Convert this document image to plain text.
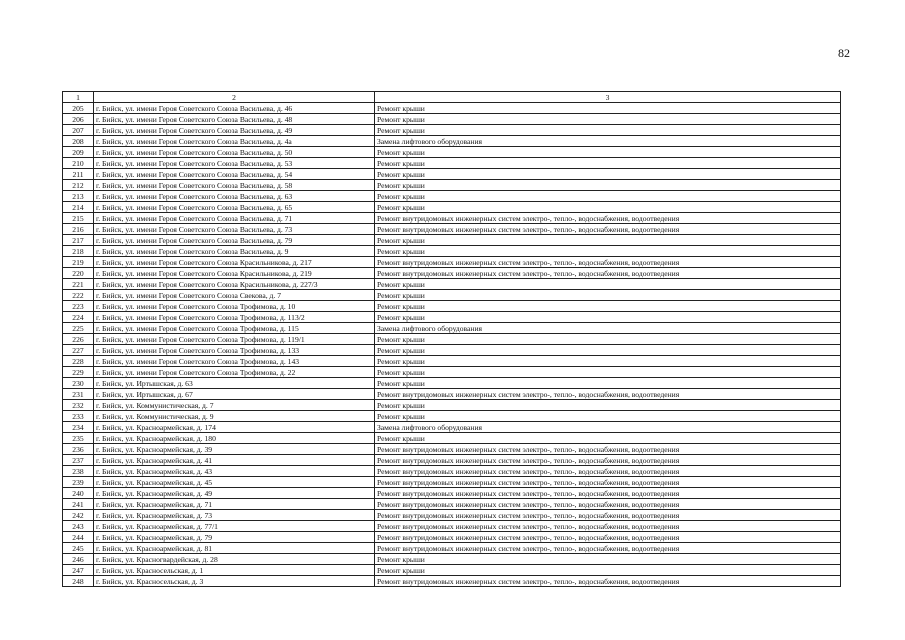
82
1	2	3
205	г. Бийск, ул. имени Героя Советского Союза Васильева, д. 46	Ремонт крыши
206	г. Бийск, ул. имени Героя Советского Союза Васильева, д. 48	Ремонт крыши
207	г. Бийск, ул. имени Героя Советского Союза Васильева, д. 49	Ремонт крыши
208	г. Бийск, ул. имени Героя Советского Союза Васильева, д. 4а	Замена лифтового оборудования
209	г. Бийск, ул. имени Героя Советского Союза Васильева, д. 50	Ремонт крыши
210	г. Бийск, ул. имени Героя Советского Союза Васильева, д. 53	Ремонт крыши
211	г. Бийск, ул. имени Героя Советского Союза Васильева, д. 54	Ремонт крыши
212	г. Бийск, ул. имени Героя Советского Союза Васильева, д. 58	Ремонт крыши
213	г. Бийск, ул. имени Героя Советского Союза Васильева, д. 63	Ремонт крыши
214	г. Бийск, ул. имени Героя Советского Союза Васильева, д. 65	Ремонт крыши
215	г. Бийск, ул. имени Героя Советского Союза Васильева, д. 71	Ремонт внутридомовых инженерных систем электро-, тепло-, водоснабжения, водоотведения
216	г. Бийск, ул. имени Героя Советского Союза Васильева, д. 73	Ремонт внутридомовых инженерных систем электро-, тепло-, водоснабжения, водоотведения
217	г. Бийск, ул. имени Героя Советского Союза Васильева, д. 79	Ремонт крыши
218	г. Бийск, ул. имени Героя Советского Союза Васильева, д. 9	Ремонт крыши
219	г. Бийск, ул. имени Героя Советского Союза Красильникова, д. 217	Ремонт внутридомовых инженерных систем электро-, тепло-, водоснабжения, водоотведения
220	г. Бийск, ул. имени Героя Советского Союза Красильникова, д. 219	Ремонт внутридомовых инженерных систем электро-, тепло-, водоснабжения, водоотведения
221	г. Бийск, ул. имени Героя Советского Союза Красильникова, д. 227/3	Ремонт крыши
222	г. Бийск, ул. имени Героя Советского Союза Свекова, д. 7	Ремонт крыши
223	г. Бийск, ул. имени Героя Советского Союза Трофимова, д. 10	Ремонт крыши
224	г. Бийск, ул. имени Героя Советского Союза Трофимова, д. 113/2	Ремонт крыши
225	г. Бийск, ул. имени Героя Советского Союза Трофимова, д. 115	Замена лифтового оборудования
226	г. Бийск, ул. имени Героя Советского Союза Трофимова, д. 119/1	Ремонт крыши
227	г. Бийск, ул. имени Героя Советского Союза Трофимова, д. 133	Ремонт крыши
228	г. Бийск, ул. имени Героя Советского Союза Трофимова, д. 143	Ремонт крыши
229	г. Бийск, ул. имени Героя Советского Союза Трофимова, д. 22	Ремонт крыши
230	г. Бийск, ул. Иртышская, д. 63	Ремонт крыши
231	г. Бийск, ул. Иртышская, д. 67	Ремонт внутридомовых инженерных систем электро-, тепло-, водоснабжения, водоотведения
232	г. Бийск, ул. Коммунистическая, д. 7	Ремонт крыши
233	г. Бийск, ул. Коммунистическая, д. 9	Ремонт крыши
234	г. Бийск, ул. Красноармейская, д. 174	Замена лифтового оборудования
235	г. Бийск, ул. Красноармейская, д. 180	Ремонт крыши
236	г. Бийск, ул. Красноармейская, д. 39	Ремонт внутридомовых инженерных систем электро-, тепло-, водоснабжения, водоотведения
237	г. Бийск, ул. Красноармейская, д. 41	Ремонт внутридомовых инженерных систем электро-, тепло-, водоснабжения, водоотведения
238	г. Бийск, ул. Красноармейская, д. 43	Ремонт внутридомовых инженерных систем электро-, тепло-, водоснабжения, водоотведения
239	г. Бийск, ул. Красноармейская, д. 45	Ремонт внутридомовых инженерных систем электро-, тепло-, водоснабжения, водоотведения
240	г. Бийск, ул. Красноармейская, д. 49	Ремонт внутридомовых инженерных систем электро-, тепло-, водоснабжения, водоотведения
241	г. Бийск, ул. Красноармейская, д. 71	Ремонт внутридомовых инженерных систем электро-, тепло-, водоснабжения, водоотведения
242	г. Бийск, ул. Красноармейская, д. 73	Ремонт внутридомовых инженерных систем электро-, тепло-, водоснабжения, водоотведения
243	г. Бийск, ул. Красноармейская, д. 77/1	Ремонт внутридомовых инженерных систем электро-, тепло-, водоснабжения, водоотведения
244	г. Бийск, ул. Красноармейская, д. 79	Ремонт внутридомовых инженерных систем электро-, тепло-, водоснабжения, водоотведения
245	г. Бийск, ул. Красноармейская, д. 81	Ремонт внутридомовых инженерных систем электро-, тепло-, водоснабжения, водоотведения
246	г. Бийск, ул. Красногвардейская, д. 28	Ремонт крыши
247	г. Бийск, ул. Красносельская, д. 1	Ремонт крыши
248	г. Бийск, ул. Красносельская, д. 3	Ремонт внутридомовых инженерных систем электро-, тепло-, водоснабжения, водоотведения
